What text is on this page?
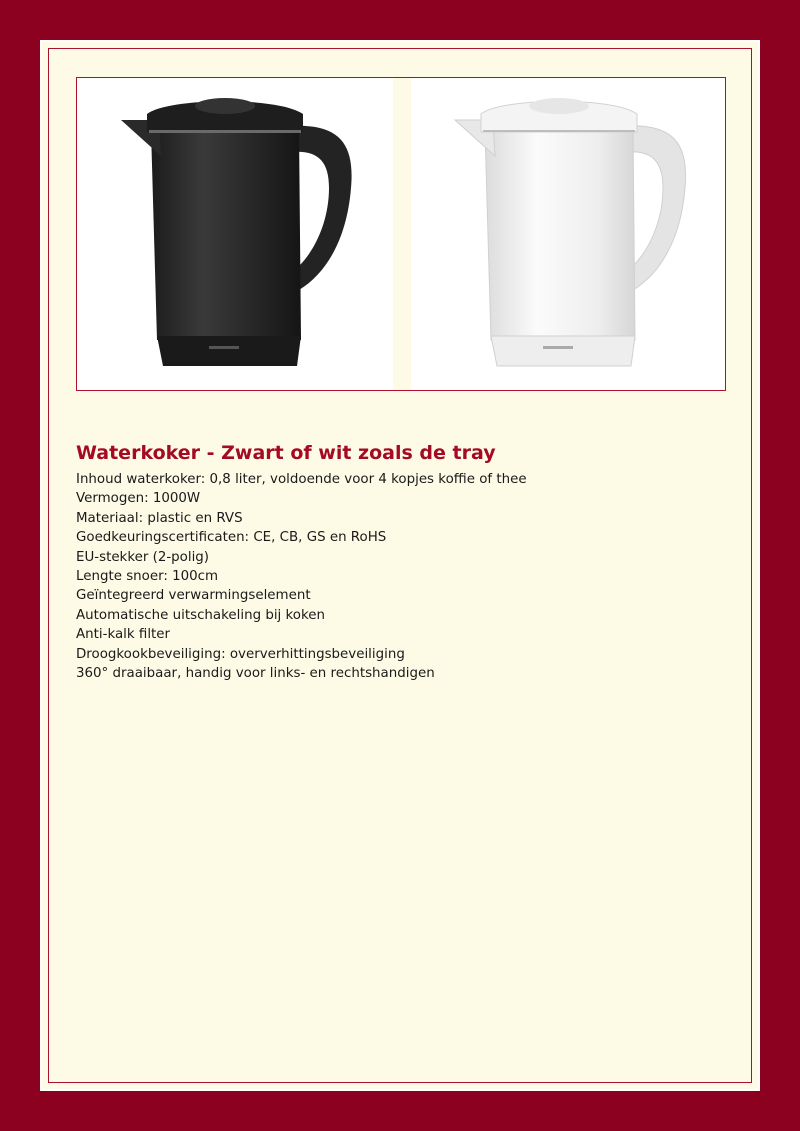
Waterkoker - Zwart of wit zoals de tray
Inhoud waterkoker: 0,8 liter, voldoende voor 4 kopjes koffie of thee
Vermogen: 1000W
Materiaal: plastic en RVS
Goedkeuringscertificaten: CE, CB, GS en RoHS
EU-stekker (2-polig)
Lengte snoer: 100cm
Geïntegreerd verwarmingselement
Automatische uitschakeling bij koken
Anti-kalk filter
Droogkookbeveiliging: oververhittingsbeveiliging
360° draaibaar, handig voor links- en rechtshandigen
